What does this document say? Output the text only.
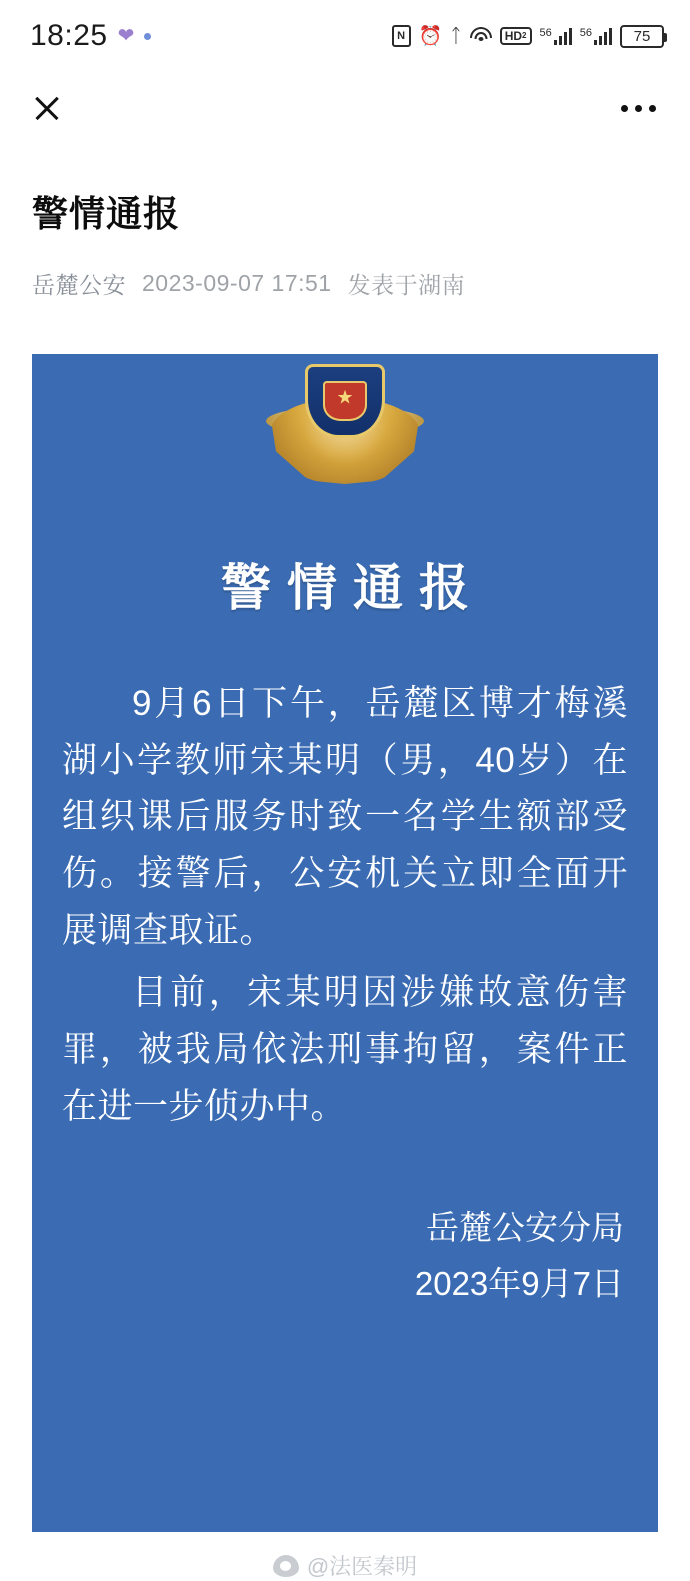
18:25 ❤	N ⏰ ᛏ	HD 2 56	56	75
警情通报
岳麓公安 2023-09-07 17:51 发表于湖南
★
警情通报

9月6日下午，岳麓区博才梅溪湖小学教师宋某明（男，40岁）在组织课后服务时致一名学生额部受伤。接警后，公安机关立即全面开展调查取证。

目前，宋某明因涉嫌故意伤害罪，被我局依法刑事拘留，案件正在进一步侦办中。

岳麓公安分局
2023年9月7日
@法医秦明
